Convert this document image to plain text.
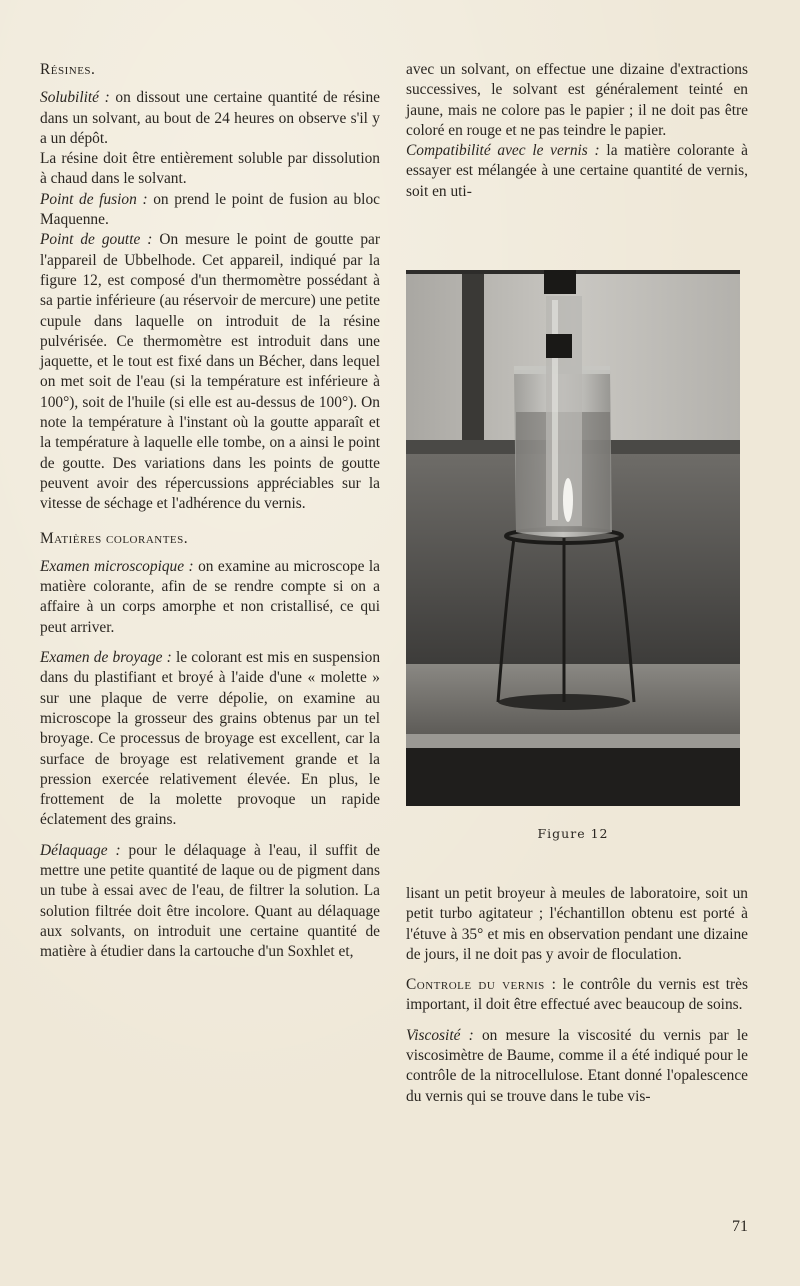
Résines.

Solubilité : on dissout une certaine quantité de résine dans un solvant, au bout de 24 heures on observe s'il y a un dépôt.

La résine doit être entièrement soluble par dissolution à chaud dans le solvant.

Point de fusion : on prend le point de fusion au bloc Maquenne.

Point de goutte : On mesure le point de goutte par l'appareil de Ubbelhode. Cet appareil, indiqué par la figure 12, est composé d'un thermomètre possédant à sa partie inférieure (au réservoir de mercure) une petite cupule dans laquelle on introduit de la résine pulvérisée. Ce thermomètre est introduit dans une jaquette, et le tout est fixé dans un Bécher, dans lequel on met soit de l'eau (si la température est inférieure à 100°), soit de l'huile (si elle est au-dessus de 100°). On note la température à l'instant où la goutte apparaît et la température à laquelle elle tombe, on a ainsi le point de goutte. Des variations dans les points de goutte peuvent avoir des répercussions appréciables sur la vitesse de séchage et l'adhérence du vernis.

Matières colorantes.

Examen microscopique : on examine au microscope la matière colorante, afin de se rendre compte si on a affaire à un corps amorphe et non cristallisé, ce qui peut arriver.

Examen de broyage : le colorant est mis en suspension dans du plastifiant et broyé à l'aide d'une « molette » sur une plaque de verre dépolie, on examine au microscope la grosseur des grains obtenus par un tel broyage. Ce processus de broyage est excellent, car la surface de broyage est relativement grande et la pression exercée relativement élevée. En plus, le frottement de la molette provoque un rapide éclatement des grains.

Délaquage : pour le délaquage à l'eau, il suffit de mettre une petite quantité de laque ou de pigment dans un tube à essai avec de l'eau, de filtrer la solution. La solution filtrée doit être incolore. Quant au délaquage aux solvants, on introduit une certaine quantité de matière à étudier dans la cartouche d'un Soxhlet et,

avec un solvant, on effectue une dizaine d'extractions successives, le solvant est généralement teinté en jaune, mais ne colore pas le papier ; il ne doit pas être coloré en rouge et ne pas teindre le papier.

Compatibilité avec le vernis : la matière colorante à essayer est mélangée à une certaine quantité de vernis, soit en uti-

Figure 12

lisant un petit broyeur à meules de laboratoire, soit un petit turbo agitateur ; l'échantillon obtenu est porté à l'étuve à 35° et mis en observation pendant une dizaine de jours, il ne doit pas y avoir de floculation.

Controle du vernis : le contrôle du vernis est très important, il doit être effectué avec beaucoup de soins.

Viscosité : on mesure la viscosité du vernis par le viscosimètre de Baume, comme il a été indiqué pour le contrôle de la nitrocellulose. Etant donné l'opalescence du vernis qui se trouve dans le tube vis-

71
